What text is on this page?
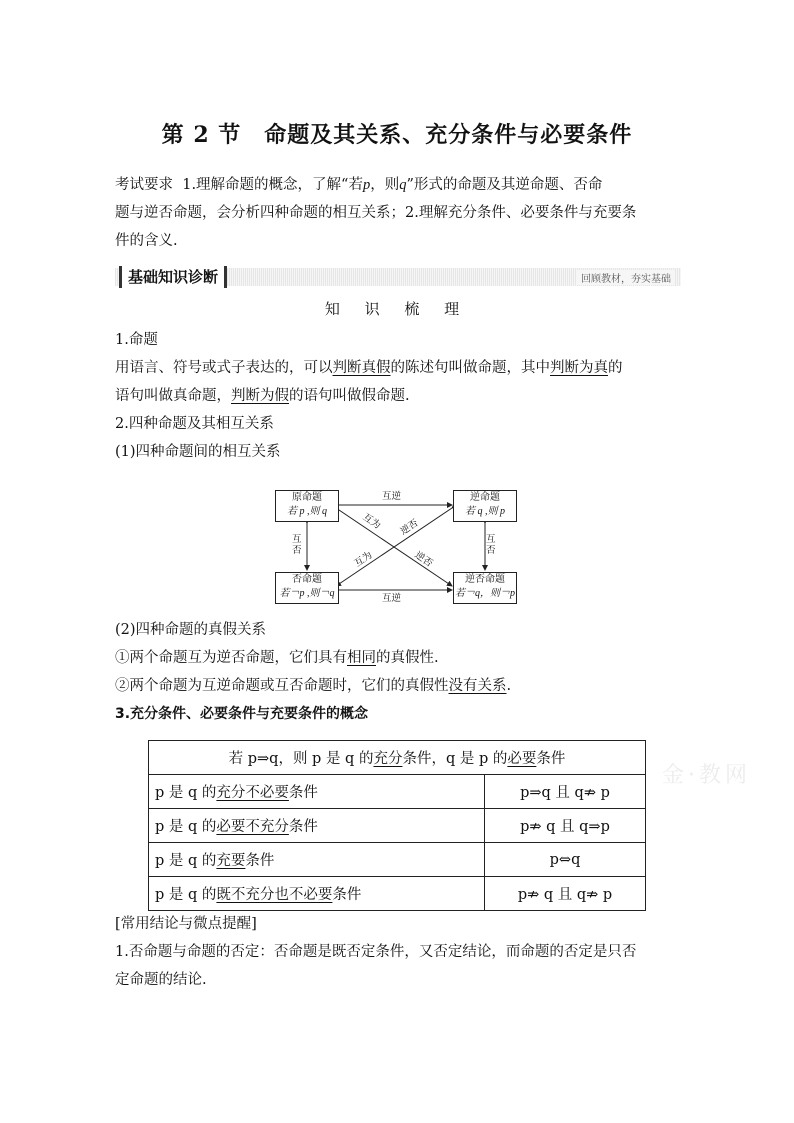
第 2 节　命题及其关系、充分条件与必要条件
考试要求 1.理解命题的概念，了解“若p，则q”形式的命题及其逆命题、否命
题与逆否命题，会分析四种命题的相互关系；2.理解充分条件、必要条件与充要条
件的含义.
基础知识诊断	回顾教材，夯实基础
知 识 梳 理
1.命题
用语言、符号或式子表达的，可以判断真假的陈述句叫做命题，其中判断为真的
语句叫做真命题，判断为假的语句叫做假命题.
2.四种命题及其相互关系
(1)四种命题间的相互关系
原命题
若 p ,则 q
逆命题
若 q ,则 p
否命题
若￢p ,则￢q
逆否命题
若￢q，则￢p
互逆
互逆
互
否
互
否
互为 逆否
互为	逆否
(2)四种命题的真假关系
①两个命题互为逆否命题，它们具有相同的真假性.
②两个命题为互逆命题或互否命题时，它们的真假性没有关系.
3.充分条件、必要条件与充要条件的概念
金·教网
若 p⇒q，则 p 是 q 的充分条件，q 是 p 的必要条件	
p 是 q 的充分不必要条件	p⇒q 且 q⇏ p
p 是 q 的必要不充分条件	p⇏ q 且 q⇒p
p 是 q 的充要条件	p⇔q
p 是 q 的既不充分也不必要条件	p⇏ q 且 q⇏ p
[常用结论与微点提醒]
1.否命题与命题的否定：否命题是既否定条件，又否定结论，而命题的否定是只否
定命题的结论.
